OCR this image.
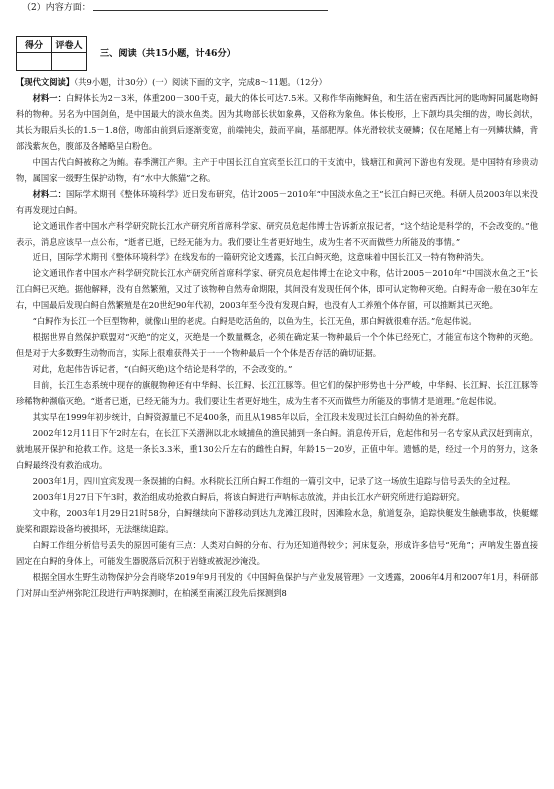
（2）内容方面：
得分	评卷人

三、阅读（共15小题，计46分）

【现代文阅读】（共9小题，计30分）(一）阅读下面的文字，完成8～11题。（12分）

材料一：白鲟体长为2－3米，体重200－300千克，最大的体长可达7.5米。又称作华南鲍鲟鱼，和生活在密西西比河的匙吻鲟同属匙吻鲟科的物种。另名为中国剑鱼，是中国最大的淡水鱼类。因为其吻部长状如象鼻，又俗称为象鱼。体长梭形，上下颌均具尖细的齿，吻长剑状，其长为眼后头长的1.5－1.8倍，吻部由前到后逐渐变宽，前端钝尖，鼓而平扁，基部肥厚。体光滑较状支硬鳞；仅在尾鳍上有一列鳞状鳞，背部浅紫灰色，腹部及各鳍略呈白粉色。

中国古代白鲟被称之为鲔。春季溯江产卵。主产于中国长江自宜宾至长江口的干支流中，钱塘江和黄河下游也有发现。是中国特有珍贵动物，属国家一级野生保护动物，有“水中大熊猫”之称。

材料二：国际学术期刊《整体环境科学》近日发布研究，估计2005－2010年“中国淡水鱼之王”长江白鲟已灭绝。科研人员2003年以来没有再发现过白鲟。

论文通讯作者中国水产科学研究院长江水产研究所首席科学家、研究员危起伟博士告诉新京报记者，“这个结论是科学的，不会改变的。”他表示，消息应该早一点公布，“逝者已逝，已经无能为力。我们要让生者更好地生，成为生者不灭而做些力所能及的事情。”

近日，国际学术期刊《整体环境科学》在线发布的一篇研究论文透露，长江白鲟灭绝，这意味着中国长江又一特有物种消失。

论文通讯作者中国水产科学研究院长江水产研究所首席科学家、研究员危起伟博士在论文中称，估计2005－2010年“中国淡水鱼之王”长江白鲟已灭绝。据他解释，没有自然繁殖，又过了该物种自然寿命期限，其间没有发现任何个体，即可认定物种灭绝。白鲟寿命一般在30年左右，中国最后发现白鲟自然繁殖是在20世纪90年代初，2003年至今没有发现白鲟，也没有人工养殖个体存留，可以推断其已灭绝。

“白鲟作为长江一个巨型物种，就像山里的老虎。白鲟是吃活鱼的，以鱼为生，长江无鱼，那白鲟就很难存活。”危起伟说。

根据世界自然保护联盟对“灭绝”的定义，灭绝是一个数量概念，必须在确定某一物种最后一个个体已经死亡，才能宣布这个物种的灭绝。但是对于大多数野生动物而言，实际上很难获得关于一一个物种最后一个个体是否存活的确切证据。

对此，危起伟告诉记者，“(白鲟灭绝)这个结论是科学的，不会改变的。”

目前，长江生态系统中现存的旗舰物种还有中华鲟、长江鲟、长江江豚等。但它们的保护形势也十分严峻，中华鲟、长江鲟、长江江豚等珍稀物种濒临灭绝。“逝者已逝，已经无能为力。我们要让生者更好地生，成为生者不灭而做些力所能及的事情才是道理。”危起伟说。

其实早在1999年初步统计，白鲟资源量已不足400条，而且从1985年以后，全江段未发现过长江白鲟幼鱼的补充群。

2002年12月11日下午2时左右，在长江下关潜洲以北水域捕鱼的渔民捕到一条白鲟。消息传开后，危起伟和另一名专家从武汉赶到南京，就地展开保护和抢救工作。这是一条长3.3米，重130公斤左右的雌性白鲟，年龄15－20岁，正值中年。遗憾的是，经过一个月的努力，这条白鲟最终没有救治成功。

2003年1月，四川宜宾发现一条误捕的白鲟。水科院长江所白鲟工作组的一篇引文中，记录了这一场放生追踪与信号丢失的全过程。

2003年1月27日下午3时，救治组成功抢救白鲟后，将该白鲟进行声呐标志放流，并由长江水产研究所进行追踪研究。

文中称，2003年1月29日21时58分，白鲟继续向下游移动到达九龙滩江段时，因滩险水急，航道复杂，追踪快艇发生触礁事故，快艇螺旋桨和跟踪设备均被损坏，无法继续追踪。

白鲟工作组分析信号丢失的原因可能有三点：人类对白鲟的分布、行为还知道得较少；河床复杂，形成许多信号“死角”；声呐发生器直接固定在白鲟的身体上，可能发生器脱落后沉积于岩缝或被泥沙淹没。

根据全国水生野生动物保护分会肖晓华2019年9月刊发的《中国鲟鱼保护与产业发展管理》一文透露，2006年4月和2007年1月，科研部门对屏山至泸州弥陀江段进行声呐探测时，在柏溪至南溪江段先后探测到8
